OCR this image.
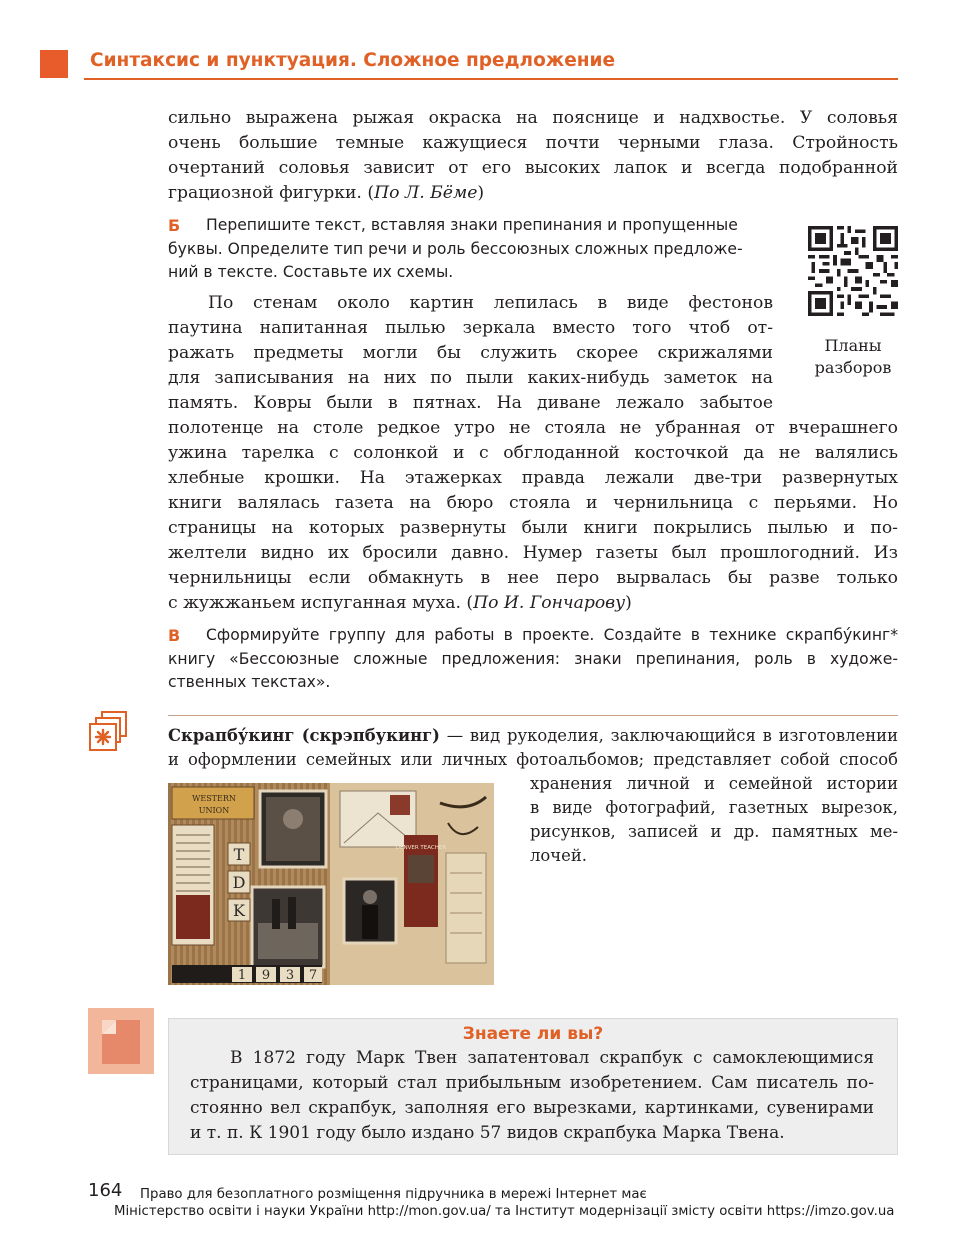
Синтаксис и пунктуация. Сложное предложение
сильно выражена рыжая окраска на пояснице и надхвостье. У соловья
очень большие темные кажущиеся почти черными глаза. Стройность
очертаний соловья зависит от его высоких лапок и всегда подобранной
грациозной фигурки. (По Л. Бёме)
Б	Перепишите текст, вставляя знаки препинания и пропущенные
буквы. Определите тип речи и роль бессоюзных сложных предложе-
ний в тексте. Составьте их схемы.
Планы
разборов
По стенам около картин лепилась в виде фестонов
паутина напитанная пылью зеркала вместо того чтоб от-
ражать предметы могли бы служить скорее скрижалями
для записывания на них по пыли каких-нибудь заметок на
память. Ковры были в пятнах. На диване лежало забытое
полотенце на столе редкое утро не стояла не убранная от вчерашнего
ужина тарелка с солонкой и с обглоданной косточкой да не валялись
хлебные крошки. На этажерках правда лежали две-три развернутых
книги валялась газета на бюро стояла и чернильница с перьями. Но
страницы на которых развернуты были книги покрылись пылью и по-
желтели видно их бросили давно. Нумер газеты был прошлогодний. Из
чернильницы если обмакнуть в нее перо вырвалась бы разве только
с жужжаньем испуганная муха. (По И. Гончарову)
В	Сформируйте группу для работы в проекте. Создайте в технике скрапбу́кинг*
книгу «Бессоюзные сложные предложения: знаки препинания, роль в художе-
ственных текстах».
Скрапбу́кинг (скрэпбукинг) — вид рукоделия, заключающийся в изготовлении
и оформлении семейных или личных фотоальбомов; представляет собой способ
хранения личной и семейной истории
в виде фотографий, газетных вырезок,
рисунков, записей и др. памятных ме-
лочей.
WESTERN
UNION
T
D
K
DENVER TEACHER
1 9 3 7
Знаете ли вы?
В 1872 году Марк Твен запатентовал скрапбук с самоклеющимися
страницами, который стал прибыльным изобретением. Сам писатель по-
стоянно вел скрапбук, заполняя его вырезками, картинками, сувенирами
и т. п. К 1901 году было издано 57 видов скрапбука Марка Твена.
164	Право для безоплатного розміщення підручника в мережі Інтернет має
Міністерство освіти і науки України http://mon.gov.ua/ та Інститут модернізації змісту освіти https://imzo.gov.ua
